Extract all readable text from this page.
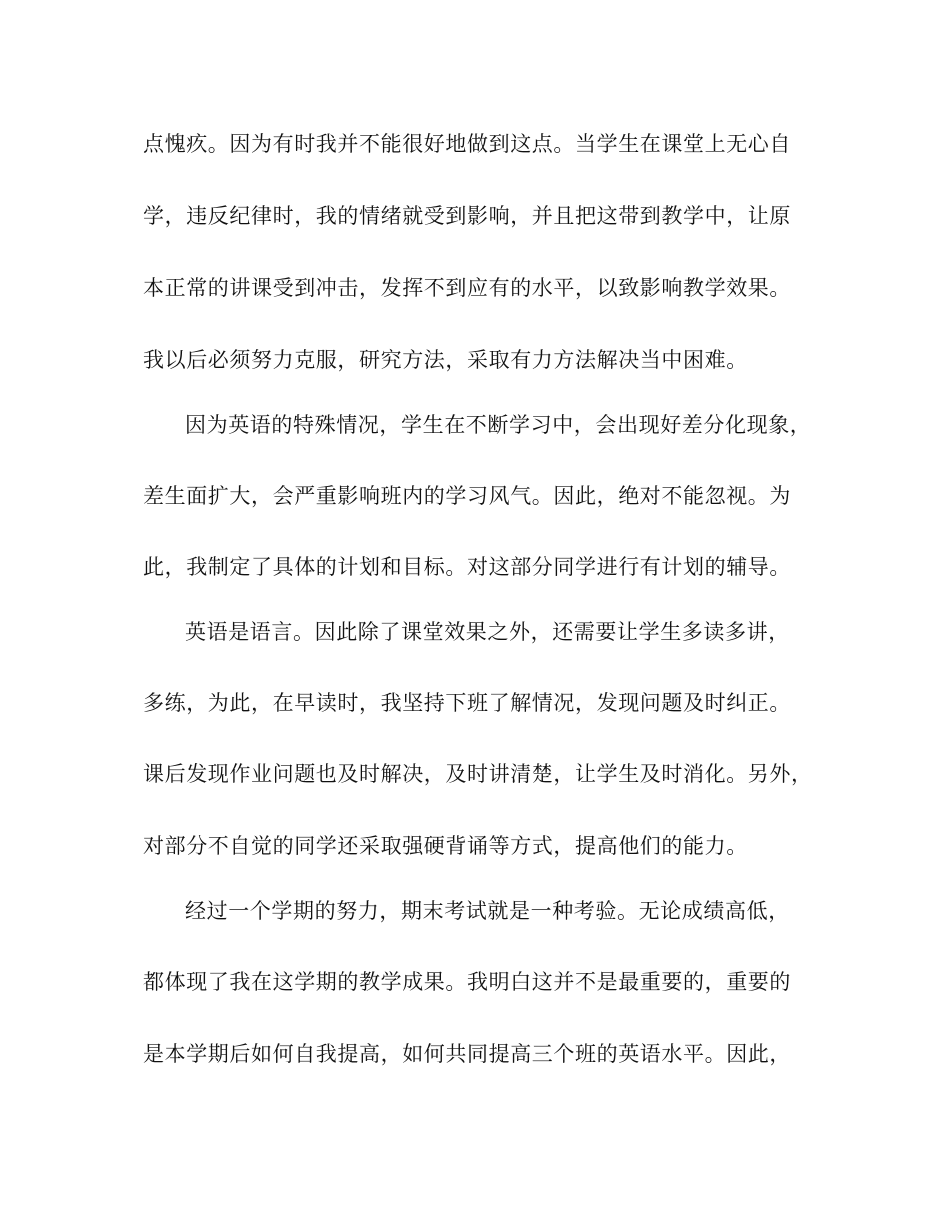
点愧疚。因为有时我并不能很好地做到这点。当学生在课堂上无心自
学，违反纪律时，我的情绪就受到影响，并且把这带到教学中，让原
本正常的讲课受到冲击，发挥不到应有的水平，以致影响教学效果。
我以后必须努力克服，研究方法，采取有力方法解决当中困难。
因为英语的特殊情况，学生在不断学习中，会出现好差分化现象，
差生面扩大，会严重影响班内的学习风气。因此，绝对不能忽视。为
此，我制定了具体的计划和目标。对这部分同学进行有计划的辅导。
英语是语言。因此除了课堂效果之外，还需要让学生多读多讲，
多练，为此，在早读时，我坚持下班了解情况，发现问题及时纠正。
课后发现作业问题也及时解决，及时讲清楚，让学生及时消化。另外，
对部分不自觉的同学还采取强硬背诵等方式，提高他们的能力。
经过一个学期的努力，期末考试就是一种考验。无论成绩高低，
都体现了我在这学期的教学成果。我明白这并不是最重要的，重要的
是本学期后如何自我提高，如何共同提高三个班的英语水平。因此，
